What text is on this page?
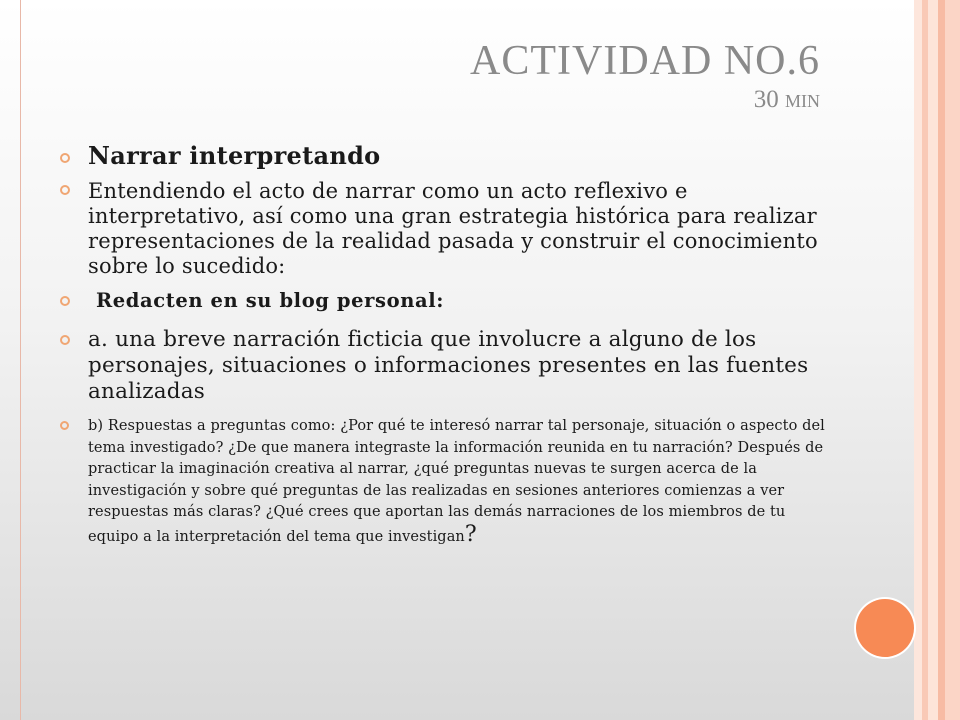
ACTIVIDAD NO.6
30 min
Narrar interpretando
Entendiendo el acto de narrar como un acto reflexivo e interpretativo, así como una gran estrategia histórica para realizar representaciones de la realidad pasada y construir el conocimiento sobre lo sucedido:
Redacten en su blog personal:
a. una breve narración ficticia que involucre a alguno de los personajes, situaciones o informaciones presentes en las fuentes analizadas
b) Respuestas a preguntas como: ¿Por qué te interesó narrar tal personaje, situación o aspecto del tema investigado? ¿De que manera integraste la información reunida en tu narración? Después de practicar la imaginación creativa al narrar, ¿qué preguntas nuevas te surgen acerca de la investigación y sobre qué preguntas de las realizadas en sesiones anteriores comienzas a ver respuestas más claras? ¿Qué crees que aportan las demás narraciones de los miembros de tu equipo a la interpretación del tema que investigan?
